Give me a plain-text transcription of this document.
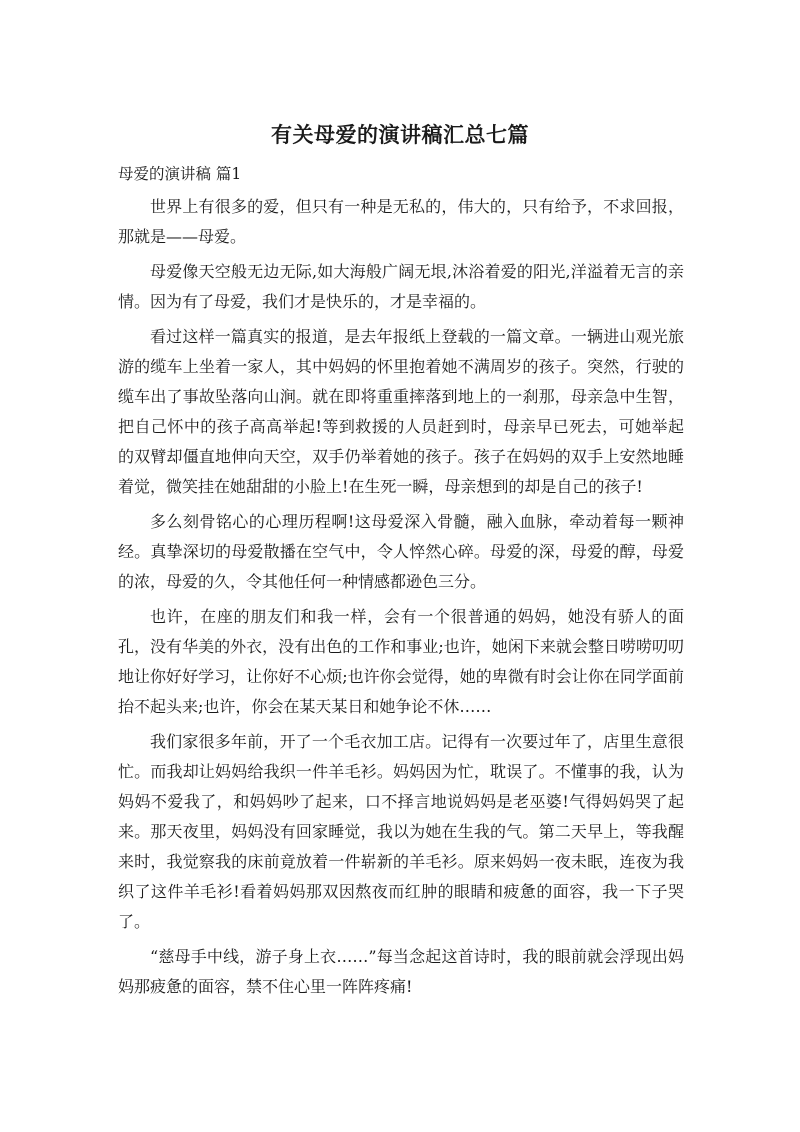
有关母爱的演讲稿汇总七篇

母爱的演讲稿 篇1

世界上有很多的爱，但只有一种是无私的，伟大的，只有给予，不求回报，那就是——母爱。

母爱像天空般无边无际,如大海般广阔无垠,沐浴着爱的阳光,洋溢着无言的亲情。因为有了母爱，我们才是快乐的，才是幸福的。

看过这样一篇真实的报道，是去年报纸上登载的一篇文章。一辆进山观光旅游的缆车上坐着一家人，其中妈妈的怀里抱着她不满周岁的孩子。突然，行驶的缆车出了事故坠落向山涧。就在即将重重摔落到地上的一刹那，母亲急中生智，把自己怀中的孩子高高举起!等到救援的人员赶到时，母亲早已死去，可她举起的双臂却僵直地伸向天空，双手仍举着她的孩子。孩子在妈妈的双手上安然地睡着觉，微笑挂在她甜甜的小脸上!在生死一瞬，母亲想到的却是自己的孩子!

多么刻骨铭心的心理历程啊!这母爱深入骨髓，融入血脉，牵动着每一颗神经。真挚深切的母爱散播在空气中，令人悴然心碎。母爱的深，母爱的醇，母爱的浓，母爱的久，令其他任何一种情感都逊色三分。

也许，在座的朋友们和我一样，会有一个很普通的妈妈，她没有骄人的面孔，没有华美的外衣，没有出色的工作和事业;也许，她闲下来就会整日唠唠叨叨地让你好好学习，让你好不心烦;也许你会觉得，她的卑微有时会让你在同学面前抬不起头来;也许，你会在某天某日和她争论不休……

我们家很多年前，开了一个毛衣加工店。记得有一次要过年了，店里生意很忙。而我却让妈妈给我织一件羊毛衫。妈妈因为忙，耽误了。不懂事的我，认为妈妈不爱我了，和妈妈吵了起来，口不择言地说妈妈是老巫婆!气得妈妈哭了起来。那天夜里，妈妈没有回家睡觉，我以为她在生我的气。第二天早上，等我醒来时，我觉察我的床前竟放着一件崭新的羊毛衫。原来妈妈一夜未眠，连夜为我织了这件羊毛衫!看着妈妈那双因熬夜而红肿的眼睛和疲惫的面容，我一下子哭了。

“慈母手中线，游子身上衣……”每当念起这首诗时，我的眼前就会浮现出妈妈那疲惫的面容，禁不住心里一阵阵疼痛!
